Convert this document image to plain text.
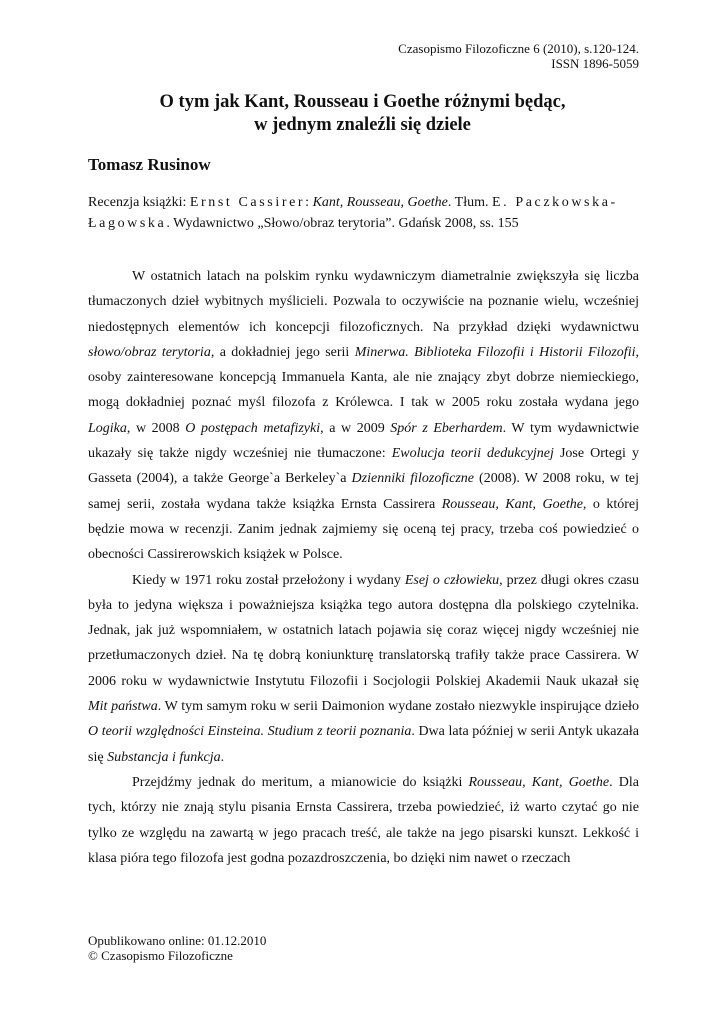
Czasopismo Filozoficzne 6 (2010), s.120-124.
ISSN 1896-5059
O tym jak Kant, Rousseau i Goethe różnymi będąc,
w jednym znaleźli się dziele
Tomasz Rusinow
Recenzja książki: Ernst Cassirer: Kant, Rousseau, Goethe. Tłum. E. Paczkowska-
Łagowska. Wydawnictwo „Słowo/obraz terytoria”. Gdańsk 2008, ss. 155

W ostatnich latach na polskim rynku wydawniczym diametralnie zwiększyła się liczba tłumaczonych dzieł wybitnych myślicieli. Pozwala to oczywiście na poznanie wielu, wcześniej niedostępnych elementów ich koncepcji filozoficznych. Na przykład dzięki wydawnictwu słowo/obraz terytoria, a dokładniej jego serii Minerwa. Biblioteka Filozofii i Historii Filozofii, osoby zainteresowane koncepcją Immanuela Kanta, ale nie znający zbyt dobrze niemieckiego, mogą dokładniej poznać myśl filozofa z Królewca. I tak w 2005 roku została wydana jego Logika, w 2008 O postępach metafizyki, a w 2009 Spór z Eberhardem. W tym wydawnictwie ukazały się także nigdy wcześniej nie tłumaczone: Ewolucja teorii dedukcyjnej Jose Ortegi y Gasseta (2004), a także George`a Berkeley`a Dzienniki filozoficzne (2008). W 2008 roku, w tej samej serii, została wydana także książka Ernsta Cassirera Rousseau, Kant, Goethe, o której będzie mowa w recenzji. Zanim jednak zajmiemy się oceną tej pracy, trzeba coś powiedzieć o obecności Cassirerowskich książek w Polsce.

Kiedy w 1971 roku został przełożony i wydany Esej o człowieku, przez długi okres czasu była to jedyna większa i poważniejsza książka tego autora dostępna dla polskiego czytelnika. Jednak, jak już wspomniałem, w ostatnich latach pojawia się coraz więcej nigdy wcześniej nie przetłumaczonych dzieł. Na tę dobrą koniunkturę translatorską trafiły także prace Cassirera. W 2006 roku w wydawnictwie Instytutu Filozofii i Socjologii Polskiej Akademii Nauk ukazał się Mit państwa. W tym samym roku w serii Daimonion wydane zostało niezwykle inspirujące dzieło O teorii względności Einsteina. Studium z teorii poznania. Dwa lata później w serii Antyk ukazała się Substancja i funkcja.

Przejdźmy jednak do meritum, a mianowicie do książki Rousseau, Kant, Goethe. Dla tych, którzy nie znają stylu pisania Ernsta Cassirera, trzeba powiedzieć, iż warto czytać go nie tylko ze względu na zawartą w jego pracach treść, ale także na jego pisarski kunszt. Lekkość i klasa pióra tego filozofa jest godna pozazdroszczenia, bo dzięki nim nawet o rzeczach

Opublikowano online: 01.12.2010
© Czasopismo Filozoficzne
